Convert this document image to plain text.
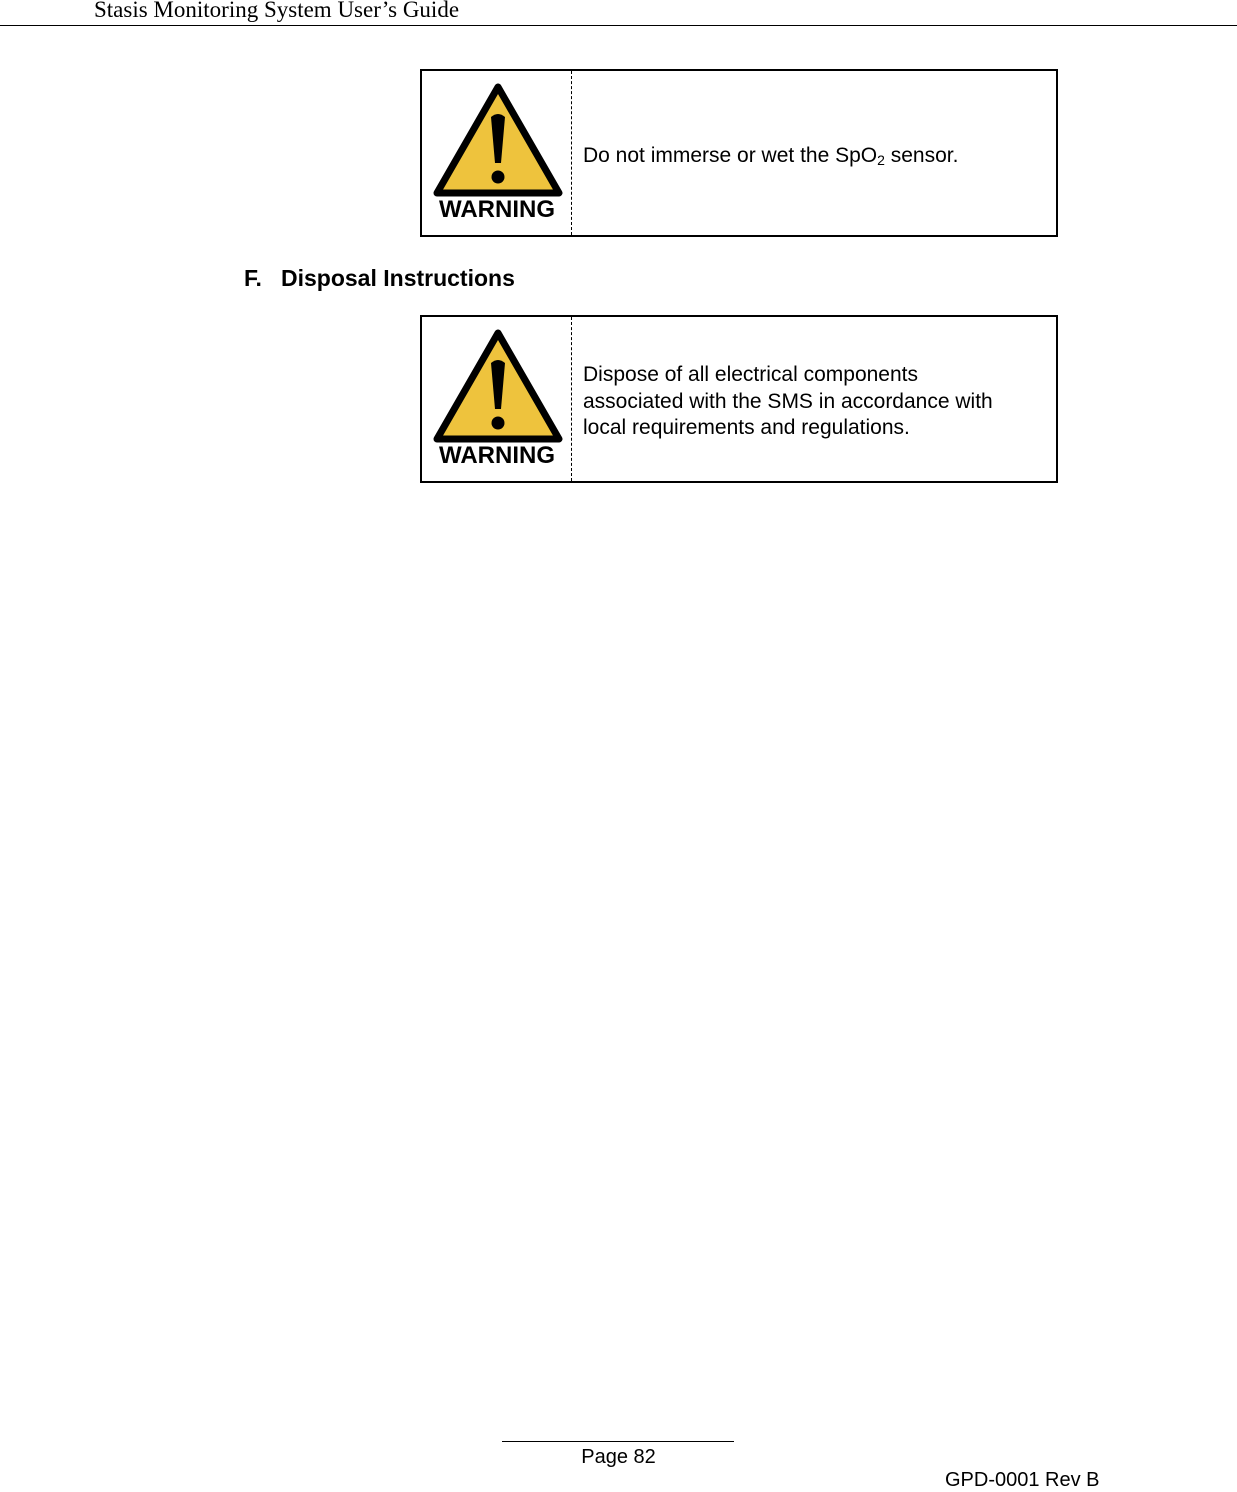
Stasis Monitoring System User’s Guide
WARNING
Do not immerse or wet the SpO$_2$ sensor.
F. Disposal Instructions
WARNING
Dispose of all electrical components
associated with the SMS in accordance with
local requirements and regulations.
Page 82
GPD-0001 Rev B
